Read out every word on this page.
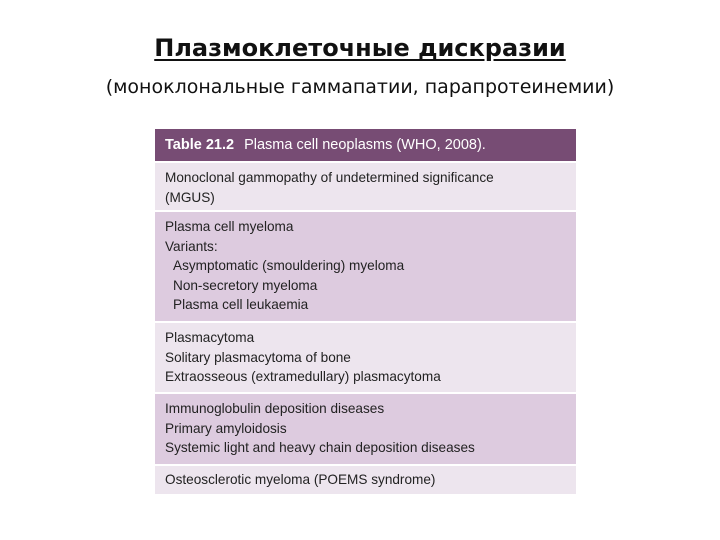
Плазмоклеточные дискразии
(моноклональные гаммапатии, парапротеинемии)
Table 21.2 Plasma cell neoplasms (WHO, 2008).
Monoclonal gammopathy of undetermined significance
(MGUS)
Plasma cell myeloma
Variants:
Asymptomatic (smouldering) myeloma
Non-secretory myeloma
Plasma cell leukaemia
Plasmacytoma
Solitary plasmacytoma of bone
Extraosseous (extramedullary) plasmacytoma
Immunoglobulin deposition diseases
Primary amyloidosis
Systemic light and heavy chain deposition diseases
Osteosclerotic myeloma (POEMS syndrome)
